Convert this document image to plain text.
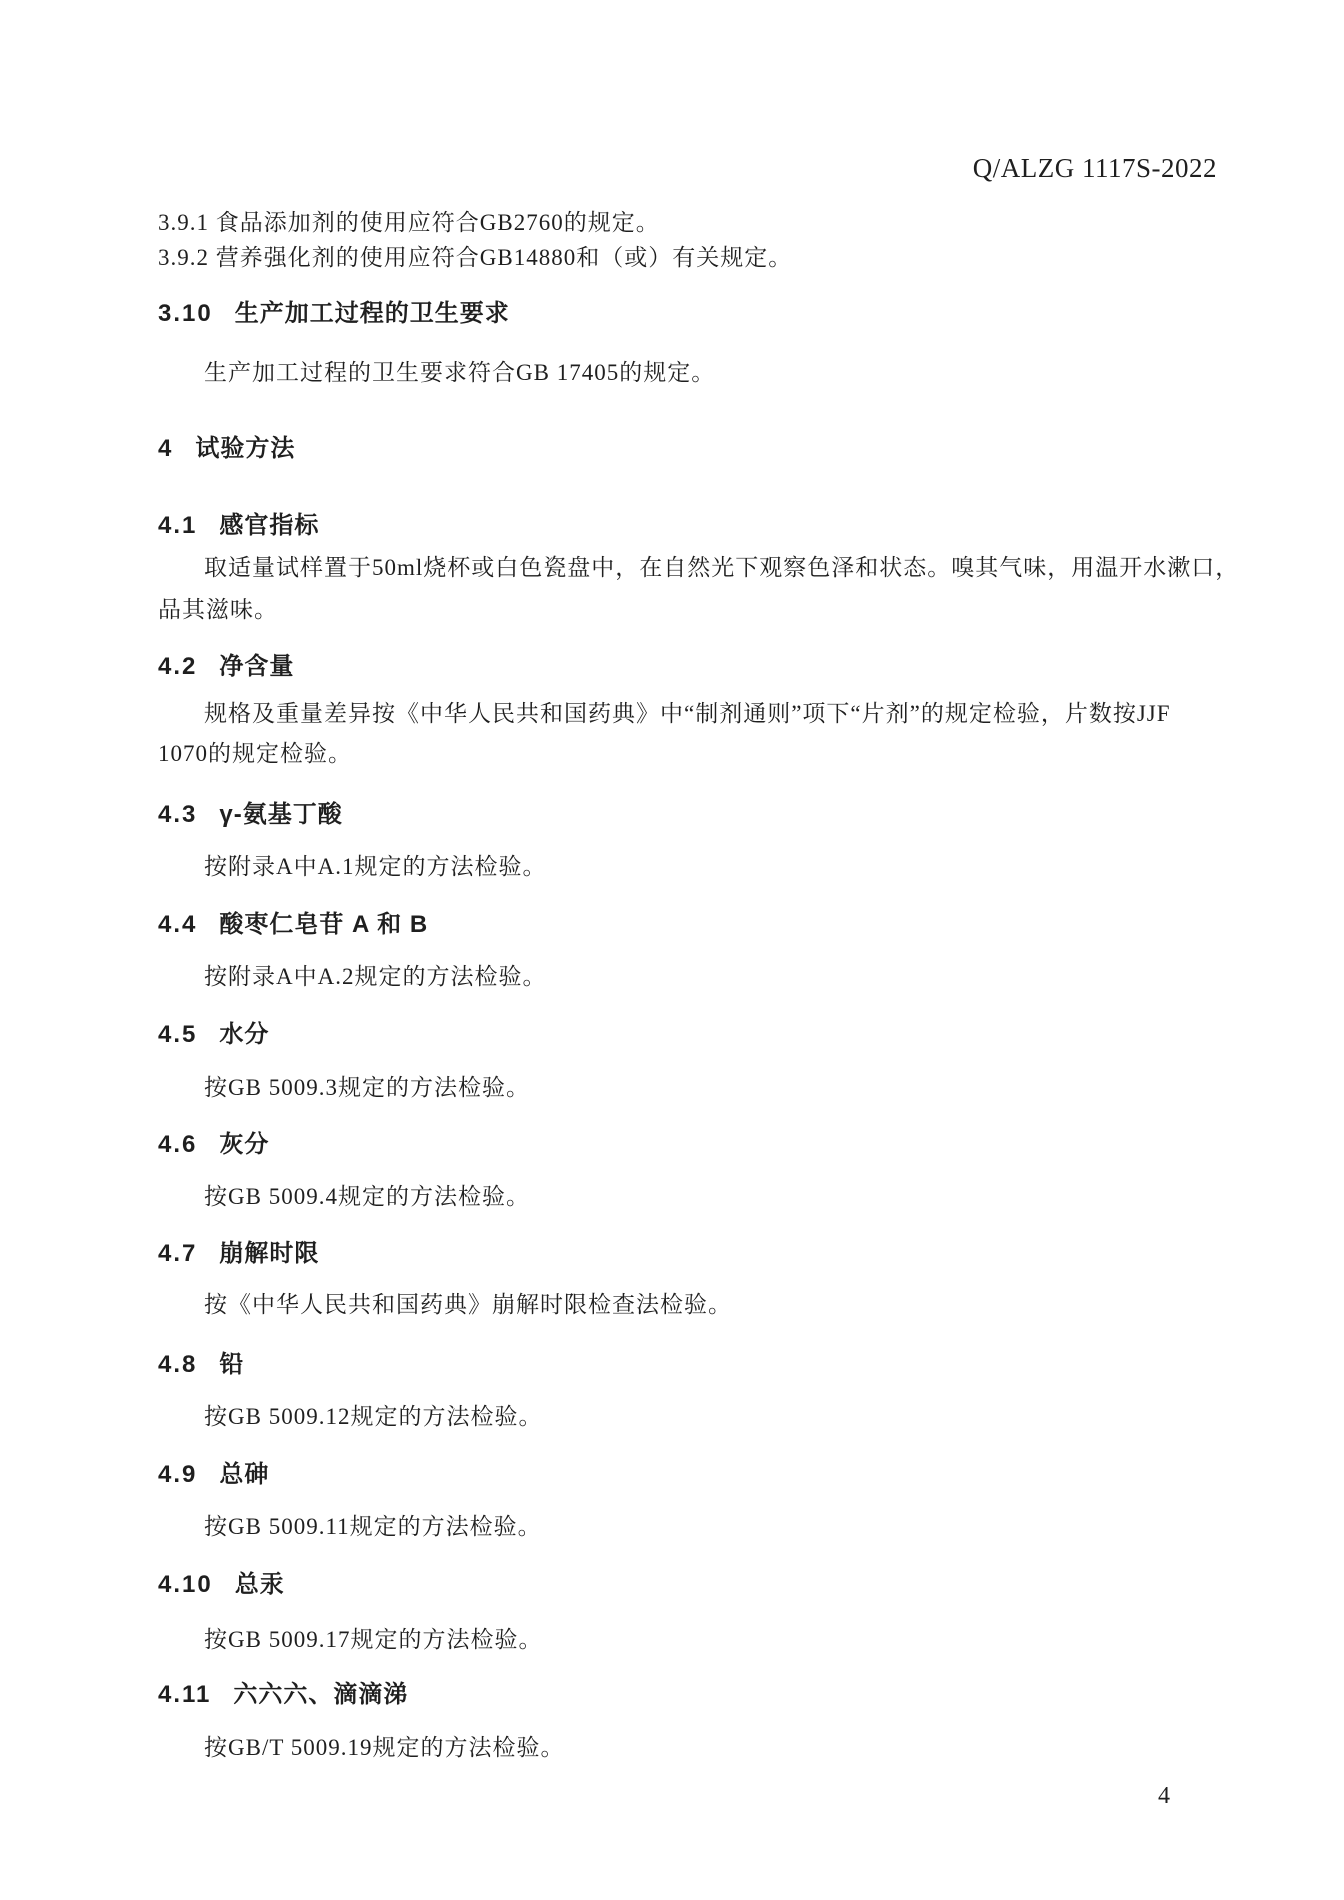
Q/ALZG 1117S-2022
3.9.1 食品添加剂的使用应符合GB2760的规定。
3.9.2 营养强化剂的使用应符合GB14880和（或）有关规定。
3.10 生产加工过程的卫生要求
生产加工过程的卫生要求符合GB 17405的规定。
4 试验方法
4.1 感官指标
取适量试样置于50ml烧杯或白色瓷盘中，在自然光下观察色泽和状态。嗅其气味，用温开水漱口，
品其滋味。
4.2 净含量
规格及重量差异按《中华人民共和国药典》中“制剂通则”项下“片剂”的规定检验，片数按JJF
1070的规定检验。
4.3 γ-氨基丁酸
按附录A中A.1规定的方法检验。
4.4 酸枣仁皂苷 A 和 B
按附录A中A.2规定的方法检验。
4.5 水分
按GB 5009.3规定的方法检验。
4.6 灰分
按GB 5009.4规定的方法检验。
4.7 崩解时限
按《中华人民共和国药典》崩解时限检查法检验。
4.8 铅
按GB 5009.12规定的方法检验。
4.9 总砷
按GB 5009.11规定的方法检验。
4.10 总汞
按GB 5009.17规定的方法检验。
4.11 六六六、滴滴涕
按GB/T 5009.19规定的方法检验。
4
